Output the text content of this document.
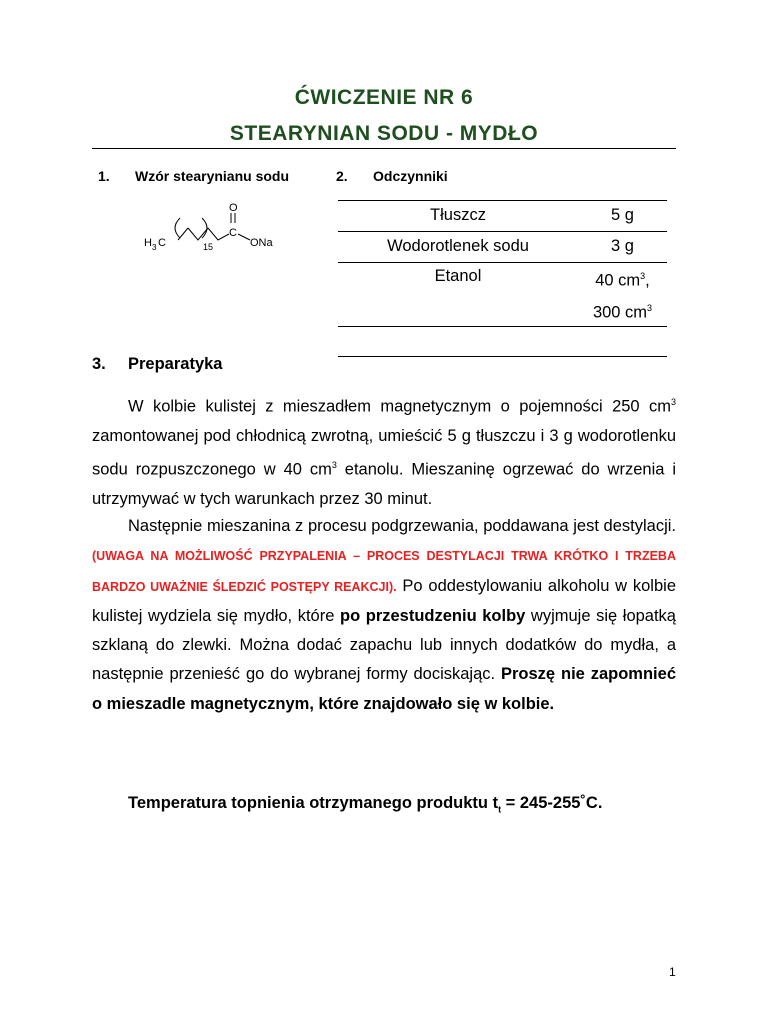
ĆWICZENIE NR 6
STEARYNIAN SODU - MYDŁO
1. Wzór stearynianu sodu
O
C
ONa
H 3 C	15
2. Odczynniki
Tłuszcz	5 g
Wodorotlenek sodu	3 g
Etanol	40 $cm^3$,
300 $cm^3$

3. Preparatyka
W kolbie kulistej z mieszadłem magnetycznym o pojemności 250 $cm^3$ zamontowanej pod chłodnicą zwrotną, umieścić 5 g tłuszczu i 3 g wodorotlenku sodu rozpuszczonego w 40 $cm^3$ etanolu. Mieszaninę ogrzewać do wrzenia i utrzymywać w tych warunkach przez 30 minut.
Następnie mieszanina z procesu podgrzewania, poddawana jest destylacji. (UWAGA NA MOŻLIWOŚĆ PRZYPALENIA – PROCES DESTYLACJI TRWA KRÓTKO I TRZEBA BARDZO UWAŻNIE ŚLEDZIĆ POSTĘPY REAKCJI). Po oddestylowaniu alkoholu w kolbie kulistej wydziela się mydło, które po przestudzeniu kolby wyjmuje się łopatką szklaną do zlewki. Można dodać zapachu lub innych dodatków do mydła, a następnie przenieść go do wybranej formy dociskając. Proszę nie zapomnieć o mieszadle magnetycznym, które znajdowało się w kolbie.
Temperatura topnienia otrzymanego produktu $t_t$ = 245-255˚C.
1
